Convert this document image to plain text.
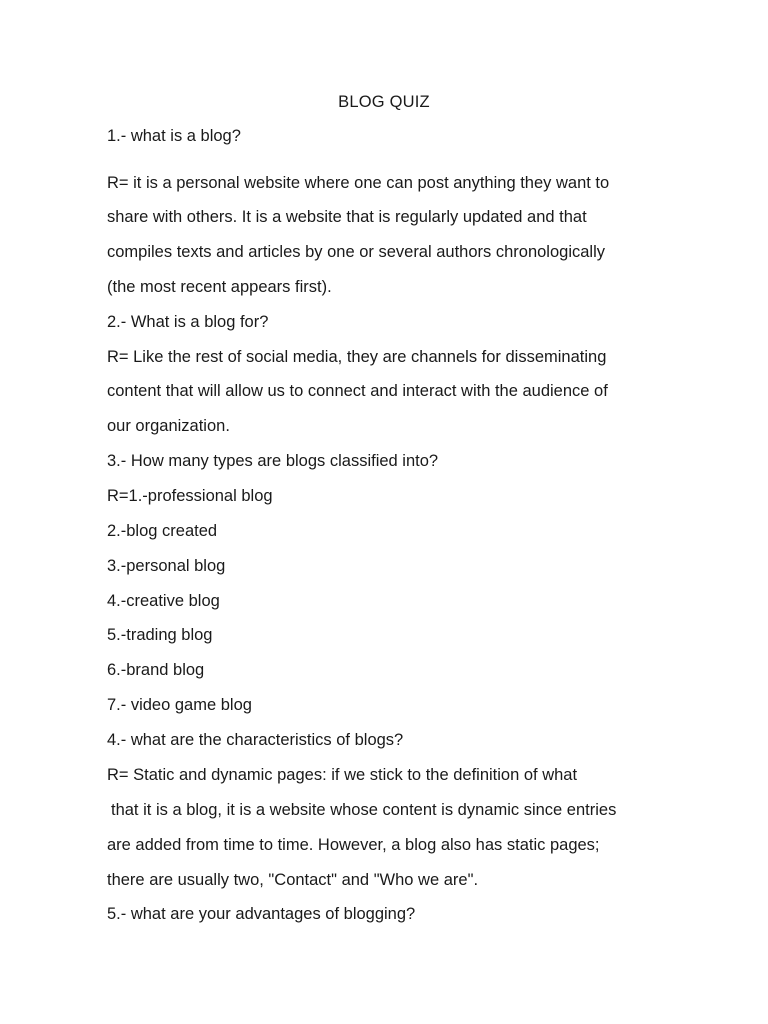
BLOG QUIZ
1.- what is a blog?
R= it is a personal website where one can post anything they want to
share with others. It is a website that is regularly updated and that
compiles texts and articles by one or several authors chronologically
(the most recent appears first).
2.- What is a blog for?
R= Like the rest of social media, they are channels for disseminating
content that will allow us to connect and interact with the audience of
our organization.
3.- How many types are blogs classified into?
R=1.-professional blog
2.-blog created
3.-personal blog
4.-creative blog
5.-trading blog
6.-brand blog
7.- video game blog
4.- what are the characteristics of blogs?
R= Static and dynamic pages: if we stick to the definition of what
that it is a blog, it is a website whose content is dynamic since entries
are added from time to time. However, a blog also has static pages;
there are usually two, "Contact" and "Who we are".
5.- what are your advantages of blogging?
